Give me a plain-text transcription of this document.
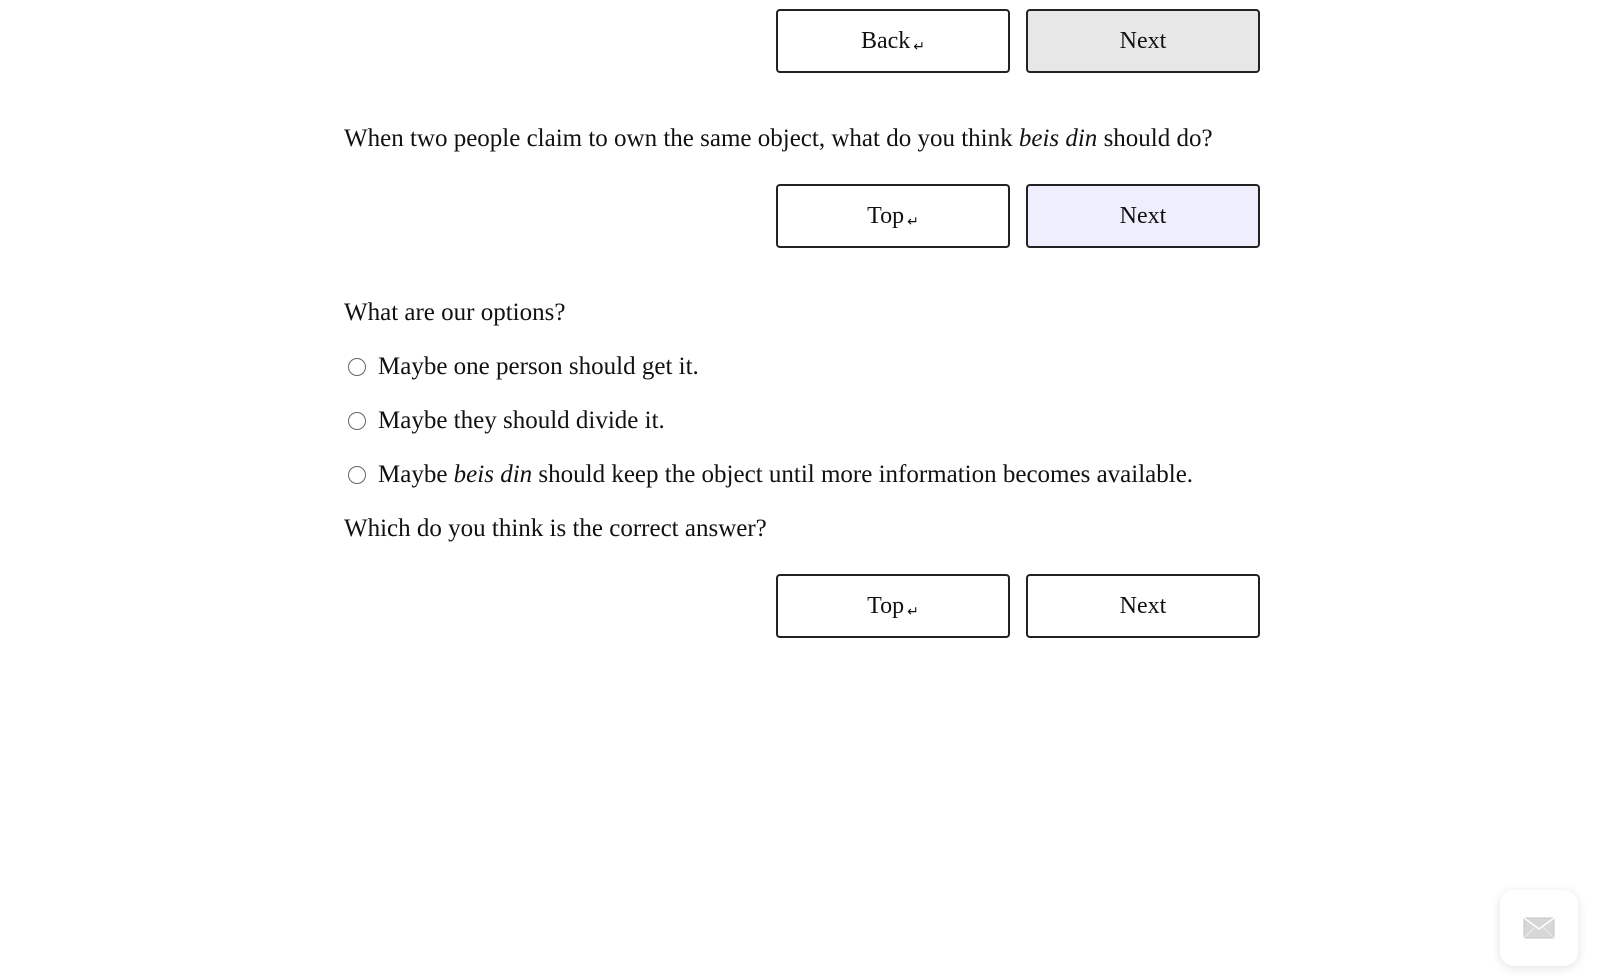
Back ↵	Next
When two people claim to own the same object, what do you think beis din should do?
Top ↵	Next
What are our options?
Maybe one person should get it.
Maybe they should divide it.
Maybe beis din should keep the object until more information becomes available.
Which do you think is the correct answer?
Top ↵	Next
